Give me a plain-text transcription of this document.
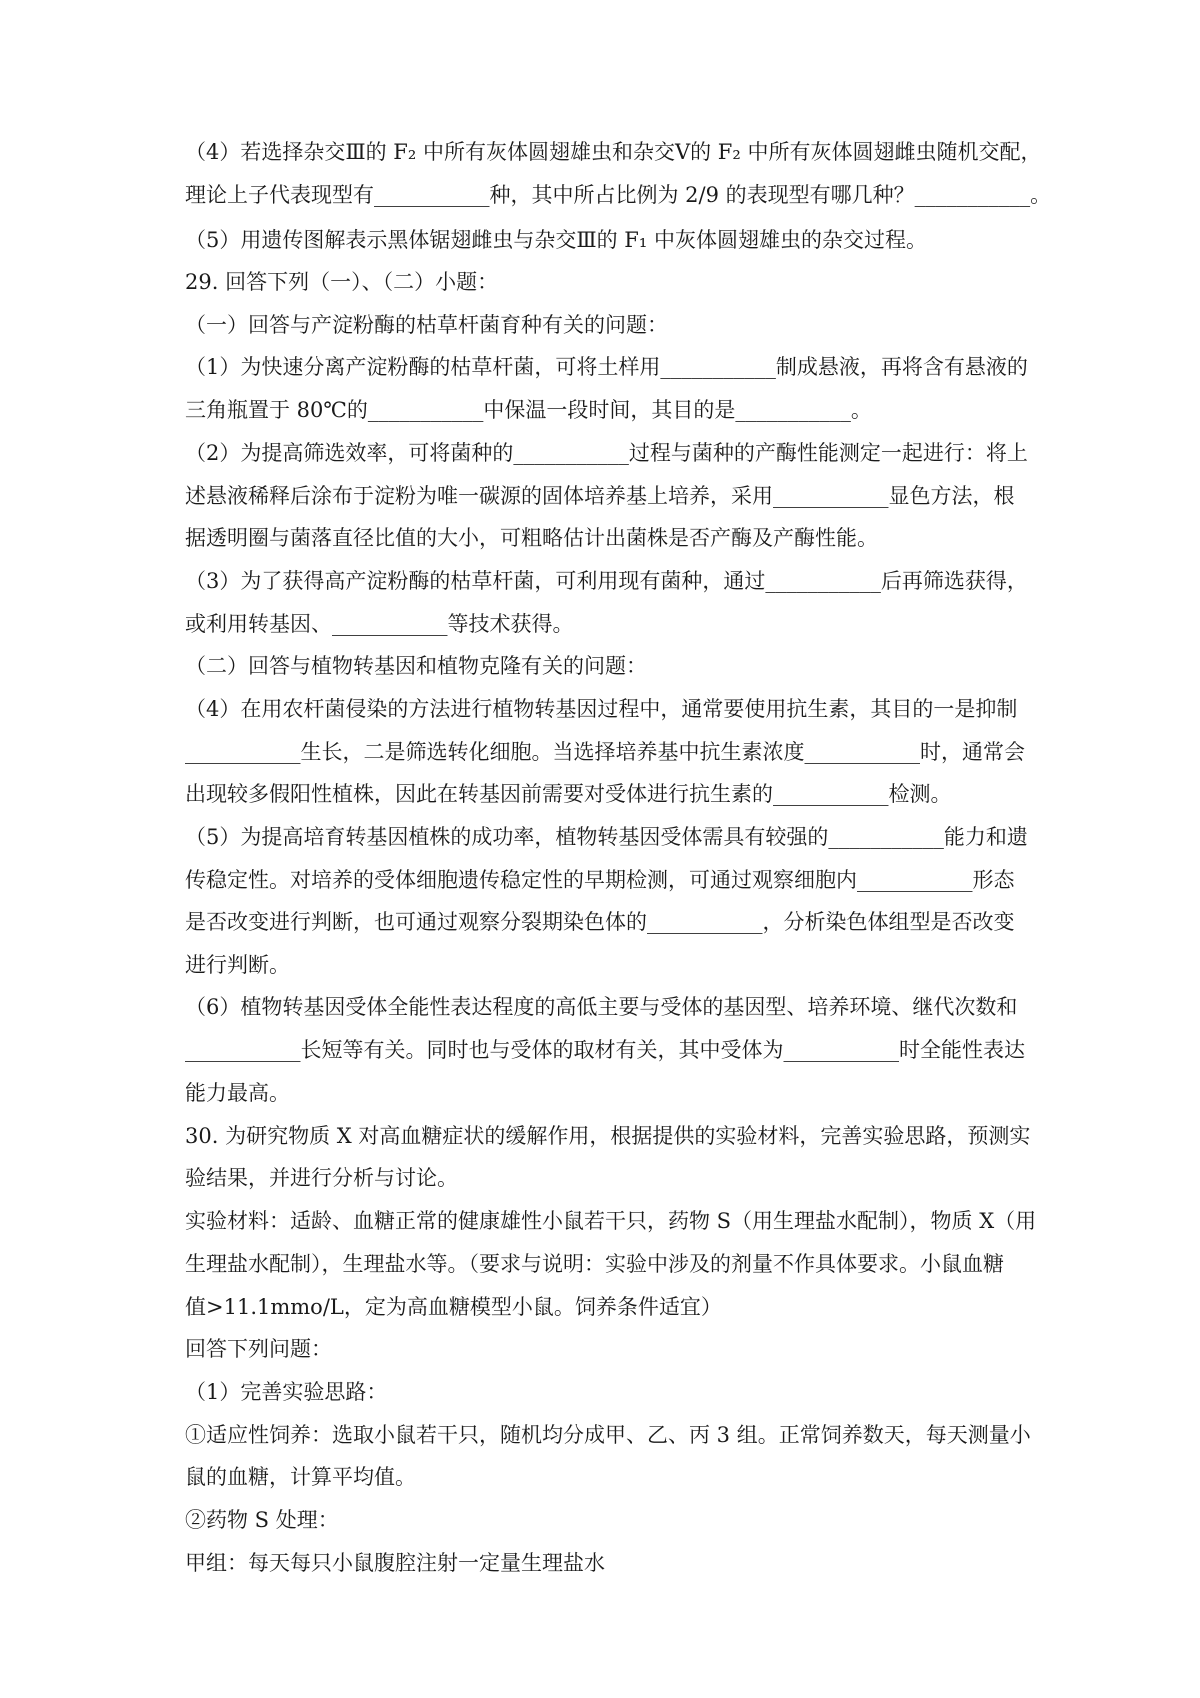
（4）若选择杂交Ⅲ的 F₂ 中所有灰体圆翅雄虫和杂交Ⅴ的 F₂ 中所有灰体圆翅雌虫随机交配，
理论上子代表现型有___________种，其中所占比例为 2/9 的表现型有哪几种？___________。
（5）用遗传图解表示黑体锯翅雌虫与杂交Ⅲ的 F₁ 中灰体圆翅雄虫的杂交过程。
29. 回答下列（一）、（二）小题：
（一）回答与产淀粉酶的枯草杆菌育种有关的问题：
（1）为快速分离产淀粉酶的枯草杆菌，可将土样用___________制成悬液，再将含有悬液的
三角瓶置于 80℃的___________中保温一段时间，其目的是___________。
（2）为提高筛选效率，可将菌种的___________过程与菌种的产酶性能测定一起进行：将上
述悬液稀释后涂布于淀粉为唯一碳源的固体培养基上培养，采用___________显色方法，根
据透明圈与菌落直径比值的大小，可粗略估计出菌株是否产酶及产酶性能。
（3）为了获得高产淀粉酶的枯草杆菌，可利用现有菌种，通过___________后再筛选获得，
或利用转基因、___________等技术获得。
（二）回答与植物转基因和植物克隆有关的问题：
（4）在用农杆菌侵染的方法进行植物转基因过程中，通常要使用抗生素，其目的一是抑制
___________生长，二是筛选转化细胞。当选择培养基中抗生素浓度___________时，通常会
出现较多假阳性植株，因此在转基因前需要对受体进行抗生素的___________检测。
（5）为提高培育转基因植株的成功率，植物转基因受体需具有较强的___________能力和遗
传稳定性。对培养的受体细胞遗传稳定性的早期检测，可通过观察细胞内___________形态
是否改变进行判断，也可通过观察分裂期染色体的___________，分析染色体组型是否改变
进行判断。
（6）植物转基因受体全能性表达程度的高低主要与受体的基因型、培养环境、继代次数和
___________长短等有关。同时也与受体的取材有关，其中受体为___________时全能性表达
能力最高。
30. 为研究物质 X 对高血糖症状的缓解作用，根据提供的实验材料，完善实验思路，预测实
验结果，并进行分析与讨论。
实验材料：适龄、血糖正常的健康雄性小鼠若干只，药物 S（用生理盐水配制），物质 X（用
生理盐水配制），生理盐水等。（要求与说明：实验中涉及的剂量不作具体要求。小鼠血糖
值>11.1mmo/L，定为高血糖模型小鼠。饲养条件适宜）
回答下列问题：
（1）完善实验思路：
①适应性饲养：选取小鼠若干只，随机均分成甲、乙、丙 3 组。正常饲养数天，每天测量小
鼠的血糖，计算平均值。
②药物 S 处理：
甲组：每天每只小鼠腹腔注射一定量生理盐水
